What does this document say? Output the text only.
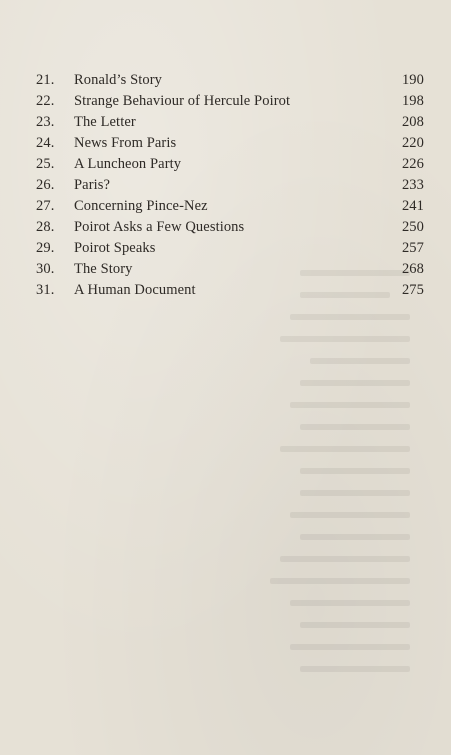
21.	Ronald’s Story	190
22.	Strange Behaviour of Hercule Poirot	198
23.	The Letter	208
24.	News From Paris	220
25.	A Luncheon Party	226
26.	Paris?	233
27.	Concerning Pince-Nez	241
28.	Poirot Asks a Few Questions	250
29.	Poirot Speaks	257
30.	The Story	268
31.	A Human Document	275
